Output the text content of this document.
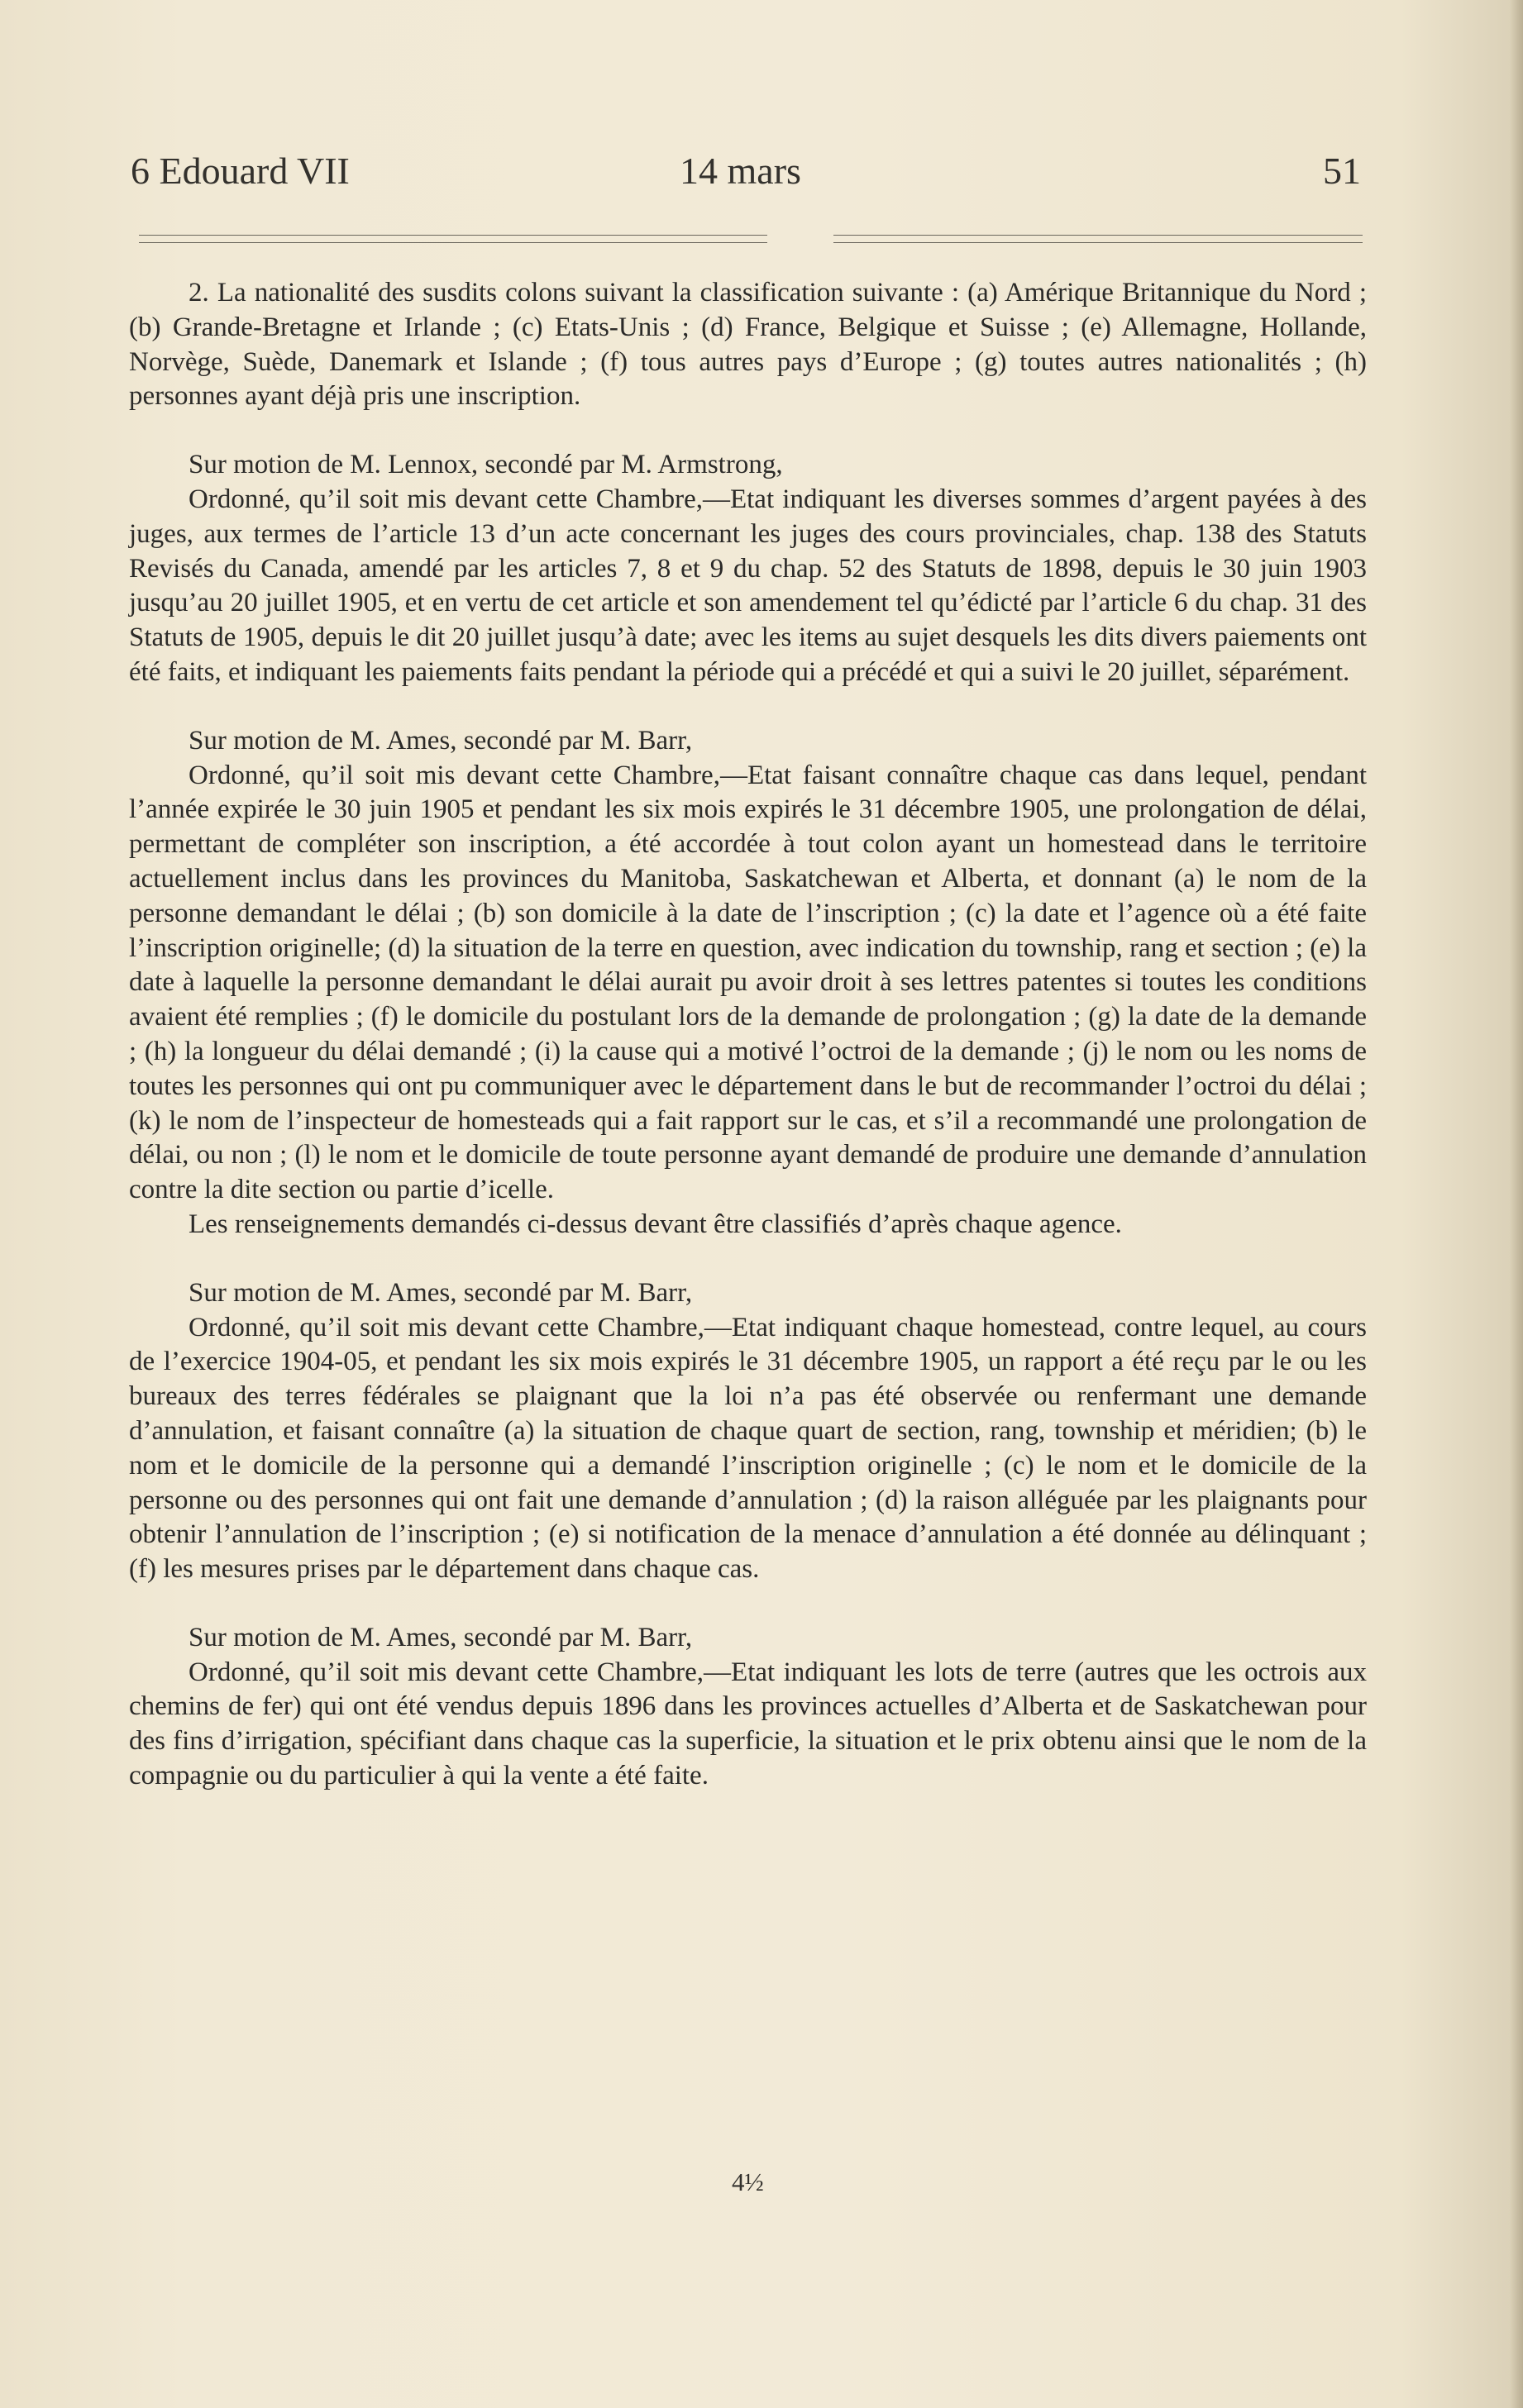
6 Edouard VII	14 mars	51

2. La nationalité des susdits colons suivant la classification suivante : (a) Amérique Britannique du Nord ; (b) Grande-Bretagne et Irlande ; (c) Etats-Unis ; (d) France, Belgique et Suisse ; (e) Allemagne, Hollande, Norvège, Suède, Danemark et Islande ; (f) tous autres pays d’Europe ; (g) toutes autres nationalités ; (h) personnes ayant déjà pris une inscription.

Sur motion de M. Lennox, secondé par M. Armstrong,

Ordonné, qu’il soit mis devant cette Chambre,—Etat indiquant les diverses sommes d’argent payées à des juges, aux termes de l’article 13 d’un acte concernant les juges des cours provinciales, chap. 138 des Statuts Revisés du Canada, amendé par les articles 7, 8 et 9 du chap. 52 des Statuts de 1898, depuis le 30 juin 1903 jusqu’au 20 juillet 1905, et en vertu de cet article et son amendement tel qu’édicté par l’article 6 du chap. 31 des Statuts de 1905, depuis le dit 20 juillet jusqu’à date; avec les items au sujet desquels les dits divers paiements ont été faits, et indiquant les paiements faits pendant la période qui a précédé et qui a suivi le 20 juillet, séparément.

Sur motion de M. Ames, secondé par M. Barr,

Ordonné, qu’il soit mis devant cette Chambre,—Etat faisant connaître chaque cas dans lequel, pendant l’année expirée le 30 juin 1905 et pendant les six mois expirés le 31 décembre 1905, une prolongation de délai, permettant de compléter son inscription, a été accordée à tout colon ayant un homestead dans le territoire actuellement inclus dans les provinces du Manitoba, Saskatchewan et Alberta, et donnant (a) le nom de la personne demandant le délai ; (b) son domicile à la date de l’inscription ; (c) la date et l’agence où a été faite l’inscription originelle; (d) la situation de la terre en question, avec indication du township, rang et section ; (e) la date à laquelle la personne demandant le délai aurait pu avoir droit à ses lettres patentes si toutes les conditions avaient été remplies ; (f) le domicile du postulant lors de la demande de prolongation ; (g) la date de la demande ; (h) la longueur du délai demandé ; (i) la cause qui a motivé l’octroi de la demande ; (j) le nom ou les noms de toutes les personnes qui ont pu communiquer avec le département dans le but de recommander l’octroi du délai ; (k) le nom de l’inspecteur de homesteads qui a fait rapport sur le cas, et s’il a recommandé une prolongation de délai, ou non ; (l) le nom et le domicile de toute personne ayant demandé de produire une demande d’annulation contre la dite section ou partie d’icelle.

Les renseignements demandés ci-dessus devant être classifiés d’après chaque agence.

Sur motion de M. Ames, secondé par M. Barr,

Ordonné, qu’il soit mis devant cette Chambre,—Etat indiquant chaque homestead, contre lequel, au cours de l’exercice 1904-05, et pendant les six mois expirés le 31 décembre 1905, un rapport a été reçu par le ou les bureaux des terres fédérales se plaignant que la loi n’a pas été observée ou renfermant une demande d’annulation, et faisant connaître (a) la situation de chaque quart de section, rang, township et méridien; (b) le nom et le domicile de la personne qui a demandé l’inscription originelle ; (c) le nom et le domicile de la personne ou des personnes qui ont fait une demande d’annulation ; (d) la raison alléguée par les plaignants pour obtenir l’annulation de l’inscription ; (e) si notification de la menace d’annulation a été donnée au délinquant ; (f) les mesures prises par le département dans chaque cas.

Sur motion de M. Ames, secondé par M. Barr,

Ordonné, qu’il soit mis devant cette Chambre,—Etat indiquant les lots de terre (autres que les octrois aux chemins de fer) qui ont été vendus depuis 1896 dans les provinces actuelles d’Alberta et de Saskatchewan pour des fins d’irrigation, spécifiant dans chaque cas la superficie, la situation et le prix obtenu ainsi que le nom de la compagnie ou du particulier à qui la vente a été faite.

4½
